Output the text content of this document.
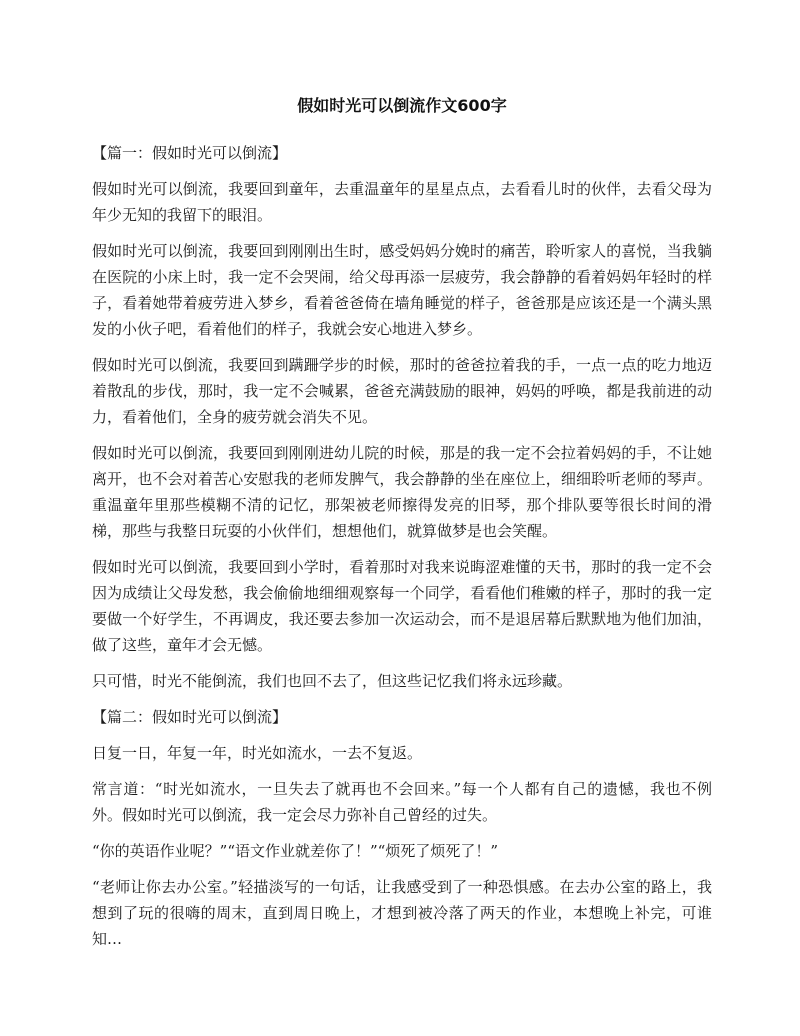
假如时光可以倒流作文600字

【篇一：假如时光可以倒流】

假如时光可以倒流，我要回到童年，去重温童年的星星点点，去看看儿时的伙伴，去看父母为年少无知的我留下的眼泪。

假如时光可以倒流，我要回到刚刚出生时，感受妈妈分娩时的痛苦，聆听家人的喜悦，当我躺在医院的小床上时，我一定不会哭闹，给父母再添一层疲劳，我会静静的看着妈妈年轻时的样子，看着她带着疲劳进入梦乡，看着爸爸倚在墙角睡觉的样子，爸爸那是应该还是一个满头黑发的小伙子吧，看着他们的样子，我就会安心地进入梦乡。

假如时光可以倒流，我要回到蹒跚学步的时候，那时的爸爸拉着我的手，一点一点的吃力地迈着散乱的步伐，那时，我一定不会喊累，爸爸充满鼓励的眼神，妈妈的呼唤，都是我前进的动力，看着他们，全身的疲劳就会消失不见。

假如时光可以倒流，我要回到刚刚进幼儿院的时候，那是的我一定不会拉着妈妈的手，不让她离开，也不会对着苦心安慰我的老师发脾气，我会静静的坐在座位上，细细聆听老师的琴声。重温童年里那些模糊不清的记忆，那架被老师擦得发亮的旧琴，那个排队要等很长时间的滑梯，那些与我整日玩耍的小伙伴们，想想他们，就算做梦是也会笑醒。

假如时光可以倒流，我要回到小学时，看着那时对我来说晦涩难懂的天书，那时的我一定不会因为成绩让父母发愁，我会偷偷地细细观察每一个同学，看看他们稚嫩的样子，那时的我一定要做一个好学生，不再调皮，我还要去参加一次运动会，而不是退居幕后默默地为他们加油，做了这些，童年才会无憾。

只可惜，时光不能倒流，我们也回不去了，但这些记忆我们将永远珍藏。

【篇二：假如时光可以倒流】

日复一日，年复一年，时光如流水，一去不复返。

常言道：“时光如流水，一旦失去了就再也不会回来。”每一个人都有自己的遗憾，我也不例外。假如时光可以倒流，我一定会尽力弥补自己曾经的过失。

“你的英语作业呢？”“语文作业就差你了！”“烦死了烦死了！”

“老师让你去办公室。”轻描淡写的一句话，让我感受到了一种恐惧感。在去办公室的路上，我想到了玩的很嗨的周末，直到周日晚上，才想到被冷落了两天的作业，本想晚上补完，可谁知…
